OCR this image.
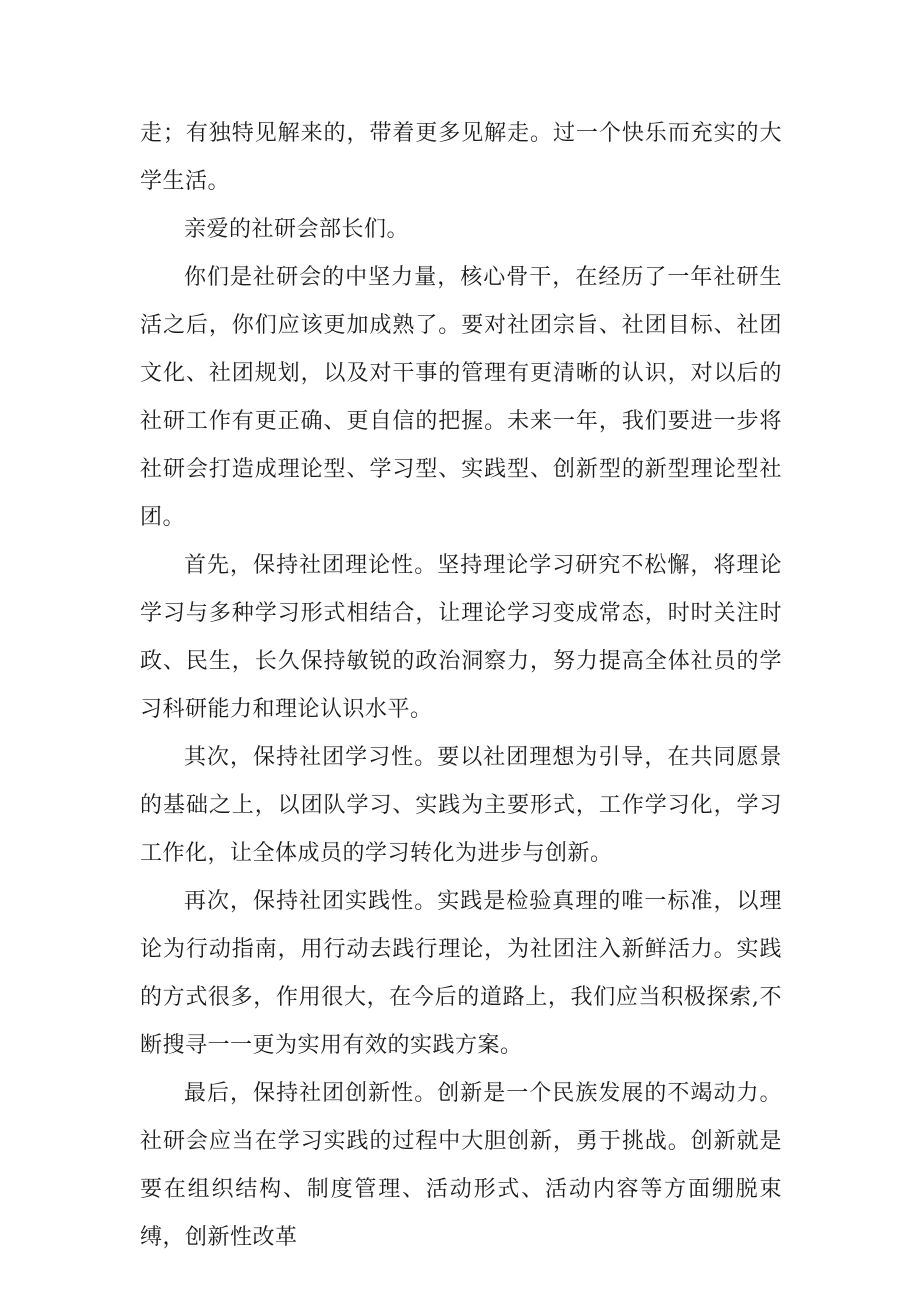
走；有独特见解来的，带着更多见解走。过一个快乐而充实的大学生活。

亲爱的社研会部长们。

你们是社研会的中坚力量，核心骨干，在经历了一年社研生活之后，你们应该更加成熟了。要对社团宗旨、社团目标、社团文化、社团规划，以及对干事的管理有更清晰的认识，对以后的社研工作有更正确、更自信的把握。未来一年，我们要进一步将社研会打造成理论型、学习型、实践型、创新型的新型理论型社团。

首先，保持社团理论性。坚持理论学习研究不松懈，将理论学习与多种学习形式相结合，让理论学习变成常态，时时关注时政、民生，长久保持敏锐的政治洞察力，努力提高全体社员的学习科研能力和理论认识水平。

其次，保持社团学习性。要以社团理想为引导，在共同愿景的基础之上，以团队学习、实践为主要形式，工作学习化，学习工作化，让全体成员的学习转化为进步与创新。

再次，保持社团实践性。实践是检验真理的唯一标准，以理论为行动指南，用行动去践行理论，为社团注入新鲜活力。实践的方式很多，作用很大，在今后的道路上，我们应当积极探索,不断搜寻一一更为实用有效的实践方案。

最后，保持社团创新性。创新是一个民族发展的不竭动力。社研会应当在学习实践的过程中大胆创新，勇于挑战。创新就是要在组织结构、制度管理、活动形式、活动内容等方面绷脱束缚，创新性改革
